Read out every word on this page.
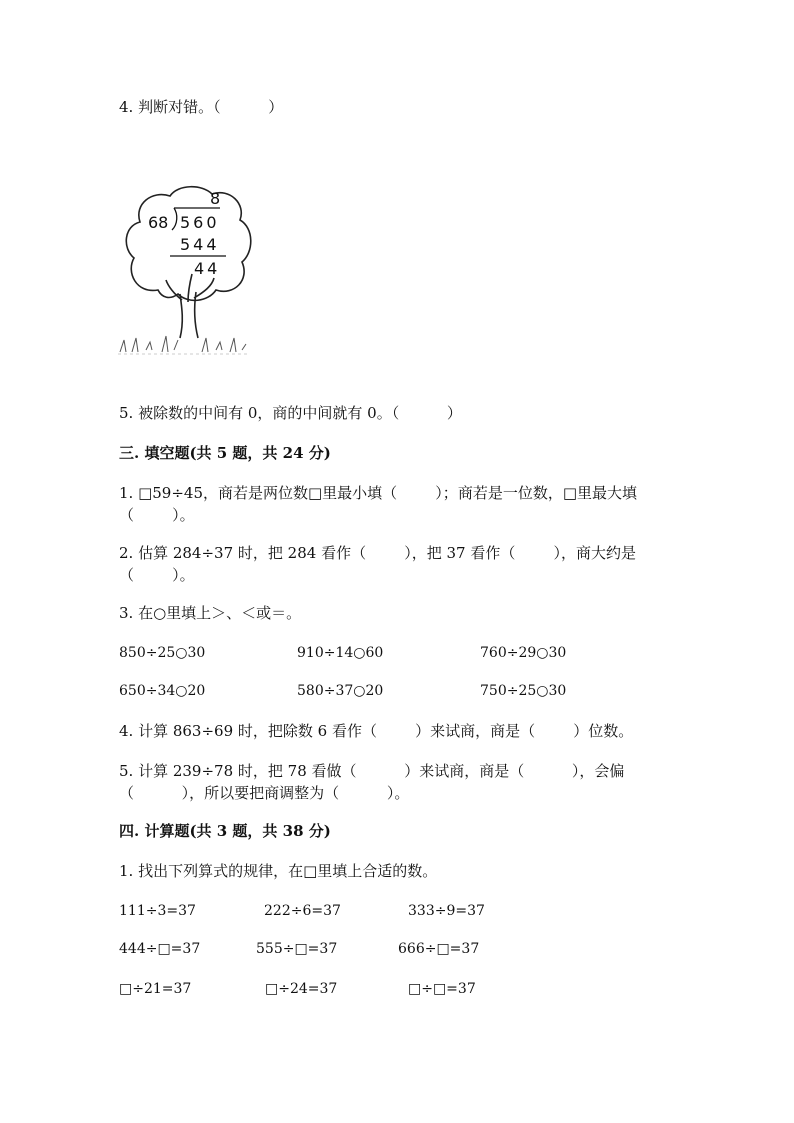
4. 判断对错。（          ）
8
68 560
544
44
5. 被除数的中间有 0，商的中间就有 0。（          ）
三. 填空题(共 5 题，共 24 分)
1. □59÷45，商若是两位数□里最小填（        ）；商若是一位数，□里最大填
（        ）。
2. 估算 284÷37 时，把 284 看作（        ），把 37 看作（        ），商大约是
（        ）。
3. 在○里填上＞、＜或＝。
850÷25○30	910÷14○60	760÷29○30
650÷34○20	580÷37○20	750÷25○30
4. 计算 863÷69 时，把除数 6 看作（        ）来试商，商是（        ）位数。
5. 计算 239÷78 时，把 78 看做（          ）来试商，商是（          ），会偏
（          ），所以要把商调整为（          ）。
四. 计算题(共 3 题，共 38 分)
1. 找出下列算式的规律，在□里填上合适的数。
111÷3=37	222÷6=37	333÷9=37
444÷□=37	555÷□=37	666÷□=37
□÷21=37	□÷24=37	□÷□=37
